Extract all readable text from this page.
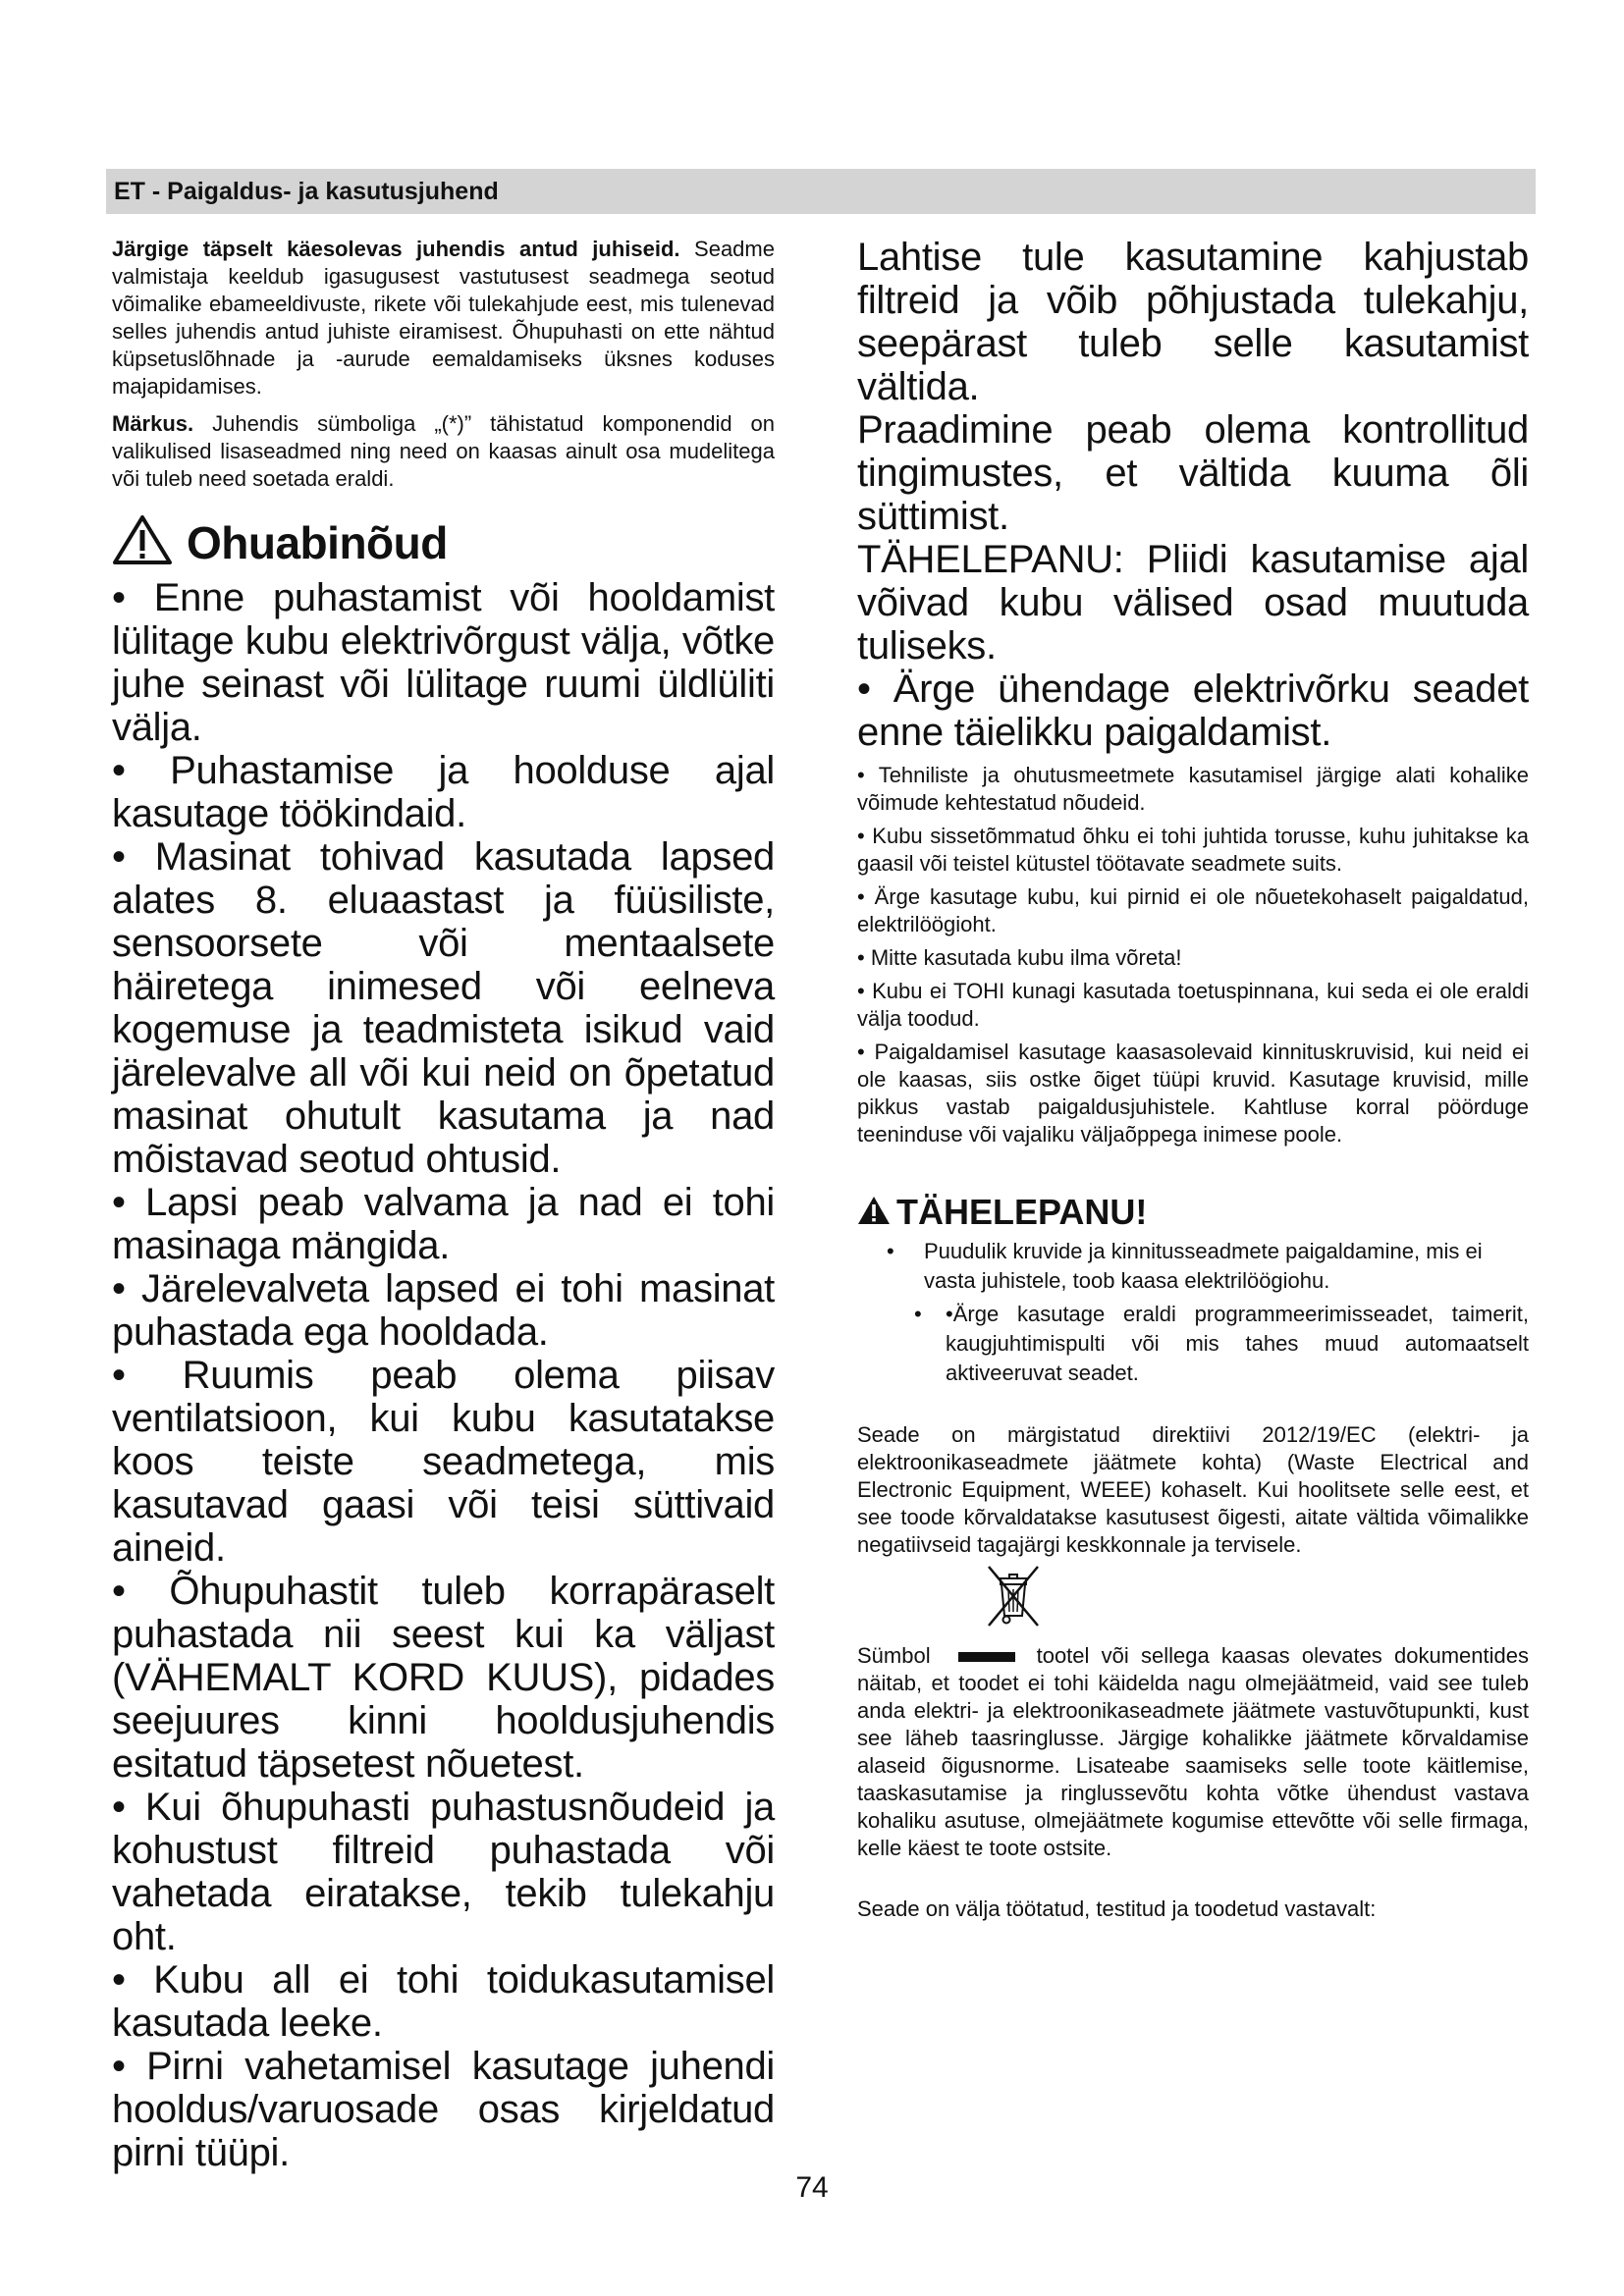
ET - Paigaldus- ja kasutusjuhend

Järgige täpselt käesolevas juhendis antud juhiseid. Seadme valmistaja keeldub igasugusest vastutusest seadmega seotud võimalike ebameeldivuste, rikete või tulekahjude eest, mis tulenevad selles juhendis antud juhiste eiramisest. Õhupuhasti on ette nähtud küpsetuslõhnade ja -aurude eemaldamiseks üksnes koduses majapidamises.

Märkus. Juhendis sümboliga „(*)” tähistatud komponendid on valikulised lisaseadmed ning need on kaasas ainult osa mudelitega või tuleb need soetada eraldi.

Ohuabinõud

• Enne puhastamist või hooldamist lülitage kubu elektrivõrgust välja, võtke juhe seinast või lülitage ruumi üldlüliti välja.

• Puhastamise ja hoolduse ajal kasutage töökindaid.

• Masinat tohivad kasutada lapsed alates 8. eluaastast ja füüsiliste, sensoorsete või mentaalsete häiretega inimesed või eelneva kogemuse ja teadmisteta isikud vaid järelevalve all või kui neid on õpetatud masinat ohutult kasutama ja nad mõistavad seotud ohtusid.

• Lapsi peab valvama ja nad ei tohi masinaga mängida.

• Järelevalveta lapsed ei tohi masinat puhastada ega hooldada.

• Ruumis peab olema piisav ventilatsioon, kui kubu kasutatakse koos teiste seadmetega, mis kasutavad gaasi või teisi süttivaid aineid.

• Õhupuhastit tuleb korrapäraselt puhastada nii seest kui ka väljast (VÄHEMALT KORD KUUS), pidades seejuures kinni hooldusjuhendis esitatud täpsetest nõuetest.

• Kui õhupuhasti puhastusnõudeid ja kohustust filtreid puhastada või vahetada eiratakse, tekib tulekahju oht.

• Kubu all ei tohi toidukasutamisel kasutada leeke.

• Pirni vahetamisel kasutage juhendi hooldus/varuosade osas kirjeldatud pirni tüüpi.

Lahtise tule kasutamine kahjustab filtreid ja võib põhjustada tulekahju, seepärast tuleb selle kasutamist vältida.

Praadimine peab olema kontrollitud tingimustes, et vältida kuuma õli süttimist.

TÄHELEPANU: Pliidi kasutamise ajal võivad kubu välised osad muutuda tuliseks.

• Ärge ühendage elektrivõrku seadet enne täielikku paigaldamist.

• Tehniliste ja ohutusmeetmete kasutamisel järgige alati kohalike võimude kehtestatud nõudeid.

• Kubu sissetõmmatud õhku ei tohi juhtida torusse, kuhu juhitakse ka gaasil või teistel kütustel töötavate seadmete suits.

• Ärge kasutage kubu, kui pirnid ei ole nõuetekohaselt paigaldatud, elektrilöögioht.

• Mitte kasutada kubu ilma võreta!

• Kubu ei TOHI kunagi kasutada toetuspinnana, kui seda ei ole eraldi välja toodud.

• Paigaldamisel kasutage kaasasolevaid kinnituskruvisid, kui neid ei ole kaasas, siis ostke õiget tüüpi kruvid. Kasutage kruvisid, mille pikkus vastab paigaldusjuhistele. Kahtluse korral pöörduge teeninduse või vajaliku väljaõppega inimese poole.

TÄHELEPANU!
• Puudulik kruvide ja kinnitusseadmete paigaldamine, mis ei vasta juhistele, toob kaasa elektrilöögiohu.
• •Ärge kasutage eraldi programmeerimisseadet, taimerit, kaugjuhtimispulti või mis tahes muud automaatselt aktiveeruvat seadet.

Seade on märgistatud direktiivi 2012/19/EC (elektri- ja elektroonikaseadmete jäätmete kohta) (Waste Electrical and Electronic Equipment, WEEE) kohaselt. Kui hoolitsete selle eest, et see toode kõrvaldatakse kasutusest õigesti, aitate vältida võimalikke negatiivseid tagajärgi keskkonnale ja tervisele.

Sümbol	tootel või sellega kaasas olevates dokumentides näitab, et toodet ei tohi käidelda nagu olmejäätmeid, vaid see tuleb anda elektri- ja elektroonikaseadmete jäätmete vastuvõtupunkti, kust see läheb taasringlusse. Järgige kohalikke jäätmete kõrvaldamise alaseid õigusnorme. Lisateabe saamiseks selle toote käitlemise, taaskasutamise ja ringlussevõtu kohta võtke ühendust vastava kohaliku asutuse, olmejäätmete kogumise ettevõtte või selle firmaga, kelle käest te toote ostsite.

Seade on välja töötatud, testitud ja toodetud vastavalt:

74
